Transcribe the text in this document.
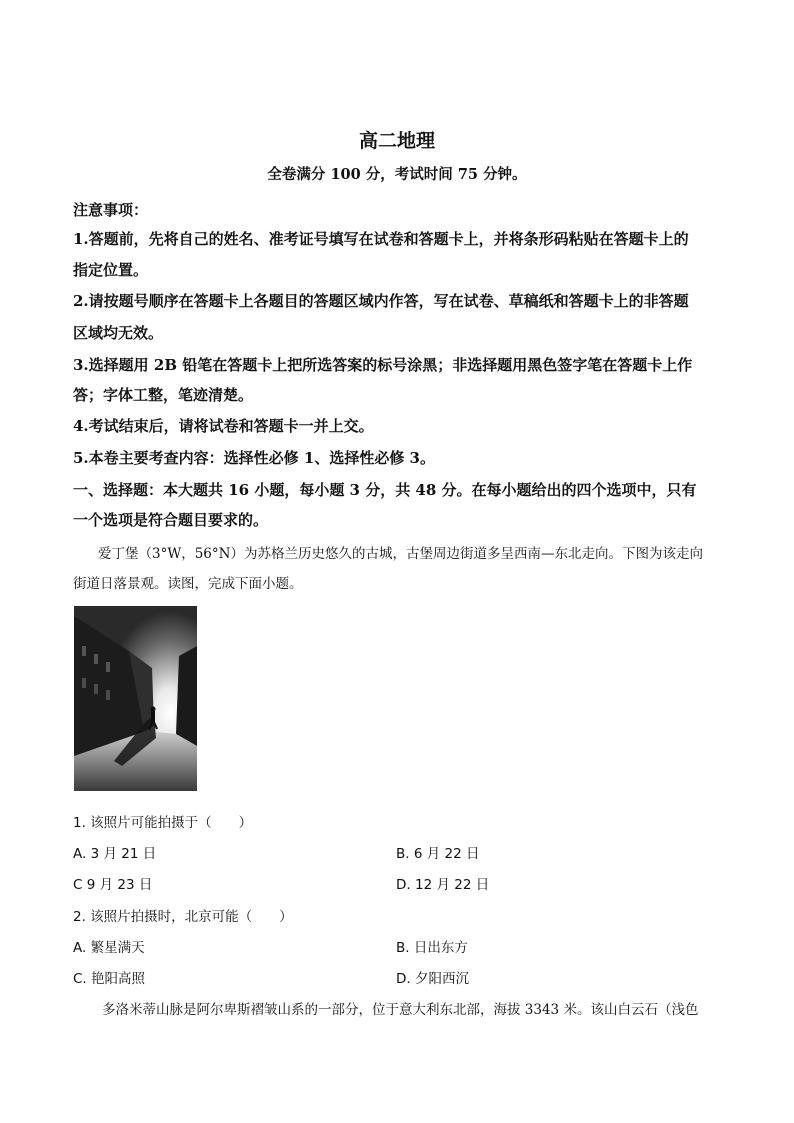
高二地理
全卷满分 100 分，考试时间 75 分钟。
注意事项：
1.答题前，先将自己的姓名、准考证号填写在试卷和答题卡上，并将条形码粘贴在答题卡上的
指定位置。
2.请按题号顺序在答题卡上各题目的答题区域内作答，写在试卷、草稿纸和答题卡上的非答题
区域均无效。
3.选择题用 2B 铅笔在答题卡上把所选答案的标号涂黑；非选择题用黑色签字笔在答题卡上作
答；字体工整，笔迹清楚。
4.考试结束后，请将试卷和答题卡一并上交。
5.本卷主要考查内容：选择性必修 1、选择性必修 3。
一、选择题：本大题共 16 小题，每小题 3 分，共 48 分。在每小题给出的四个选项中，只有
一个选项是符合题目要求的。
爱丁堡（3°W，56°N）为苏格兰历史悠久的古城，古堡周边街道多呈西南—东北走向。下图为该走向
街道日落景观。读图，完成下面小题。
1. 该照片可能拍摄于（　　）
A. 3 月 21 日	B. 6 月 22 日
C 9 月 23 日	D. 12 月 22 日
2. 该照片拍摄时，北京可能（　　）
A. 繁星满天	B. 日出东方
C. 艳阳高照	D. 夕阳西沉
多洛米蒂山脉是阿尔卑斯褶皱山系的一部分，位于意大利东北部，海拔 3343 米。该山白云石（浅色
